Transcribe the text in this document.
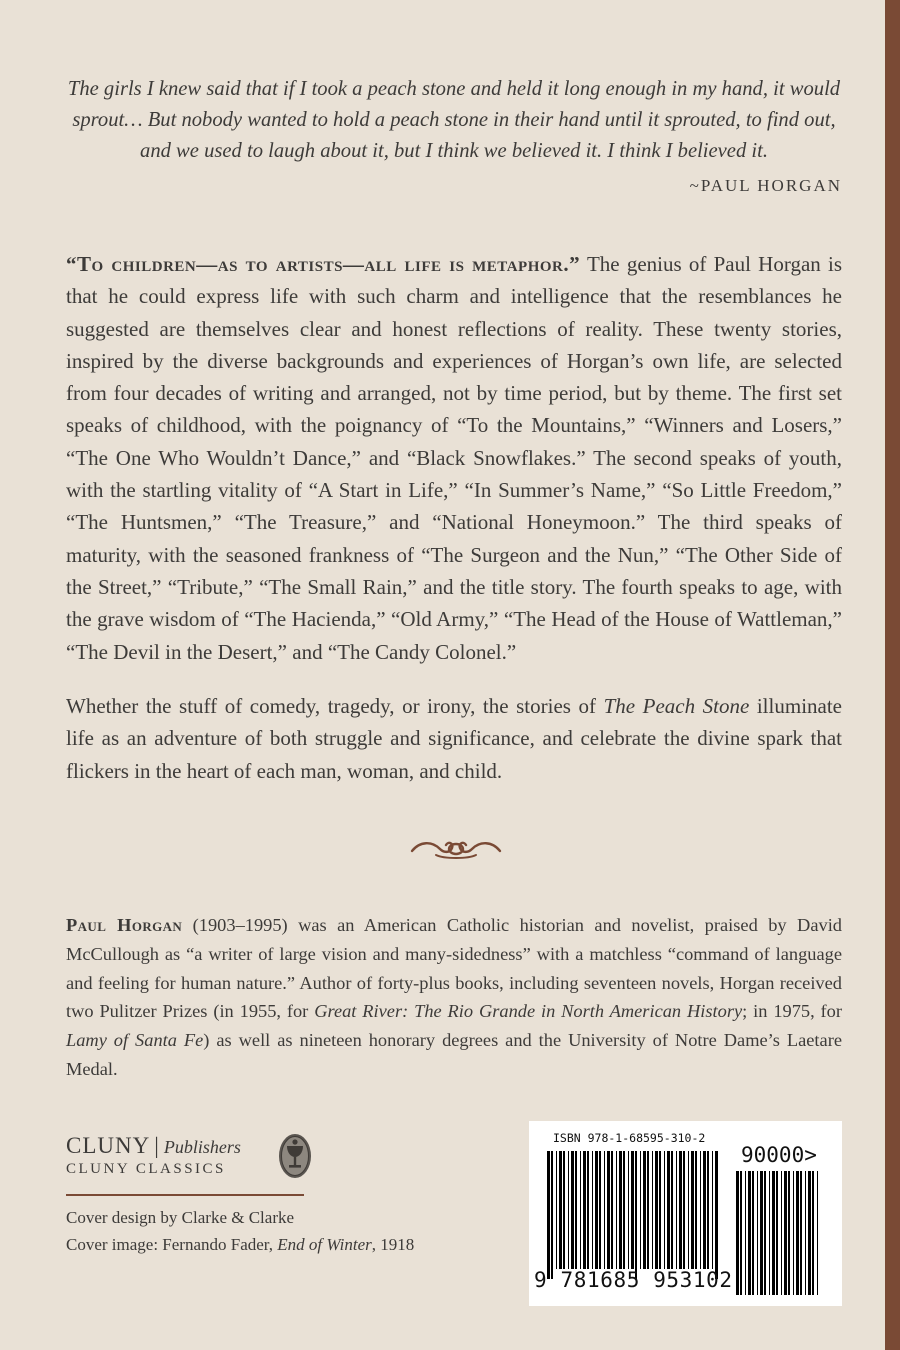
The girls I knew said that if I took a peach stone and held it long enough in my hand, it would sprout… But nobody wanted to hold a peach stone in their hand until it sprouted, to find out, and we used to laugh about it, but I think we believed it. I think I believed it.
~PAUL HORGAN

“To children—as to artists—all life is metaphor.” The genius of Paul Horgan is that he could express life with such charm and intelligence that the resemblances he suggested are themselves clear and honest reflections of reality. These twenty stories, inspired by the diverse backgrounds and experiences of Horgan’s own life, are selected from four decades of writing and arranged, not by time period, but by theme. The first set speaks of childhood, with the poignancy of “To the Mountains,” “Winners and Losers,” “The One Who Wouldn’t Dance,” and “Black Snowflakes.” The second speaks of youth, with the startling vitality of “A Start in Life,” “In Summer’s Name,” “So Little Freedom,” “The Huntsmen,” “The Treasure,” and “National Honeymoon.” The third speaks of maturity, with the seasoned frankness of “The Surgeon and the Nun,” “The Other Side of the Street,” “Tribute,” “The Small Rain,” and the title story. The fourth speaks to age, with the grave wisdom of “The Hacienda,” “Old Army,” “The Head of the House of Wattleman,” “The Devil in the Desert,” and “The Candy Colonel.”

Whether the stuff of comedy, tragedy, or irony, the stories of The Peach Stone illuminate life as an adventure of both struggle and significance, and celebrate the divine spark that flickers in the heart of each man, woman, and child.

Paul Horgan (1903–1995) was an American Catholic historian and novelist, praised by David McCullough as “a writer of large vision and many-sidedness” with a matchless “command of language and feeling for human nature.” Author of forty-plus books, including seventeen novels, Horgan received two Pulitzer Prizes (in 1955, for Great River: The Rio Grande in North American History; in 1975, for Lamy of Santa Fe) as well as nineteen honorary degrees and the University of Notre Dame’s Laetare Medal.

CLUNY | Publishers
CLUNY CLASSICS
Cover design by Clarke & Clarke
Cover image: Fernando Fader, End of Winter, 1918
ISBN 978-1-68595-310-2
90000>
9 781685 953102
